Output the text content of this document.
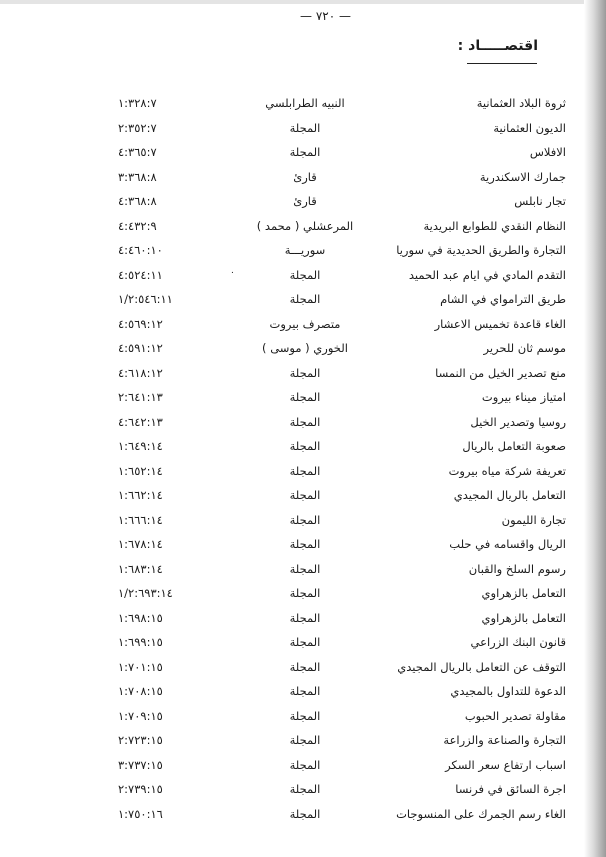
— ٧٢٠ —
اقتصـــــاد :
ثروة البلاد العثمانية
النبيه الطرابلسي
١:٣٢٨:٧
الديون العثمانية
المجلة
٢:٣٥٢:٧
الافلاس
المجلة
٤:٣٦٥:٧
جمارك الاسكندرية
قارئ
٣:٣٦٨:٨
تجار نابلس
قارئ
٤:٣٦٨:٨
النظام النقدي للطوابع البريدية
المرعشلي ( محمد )
٤:٤٣٢:٩
التجارة والطريق الحديدية في سوريا
سوريـــة
٤:٤٦٠:١٠
التقدم المادي في ايام عبد الحميد
المجلة
٤:٥٢٤:١١	٠
طريق الترامواي في الشام
المجلة
١/٢:٥٤٦:١١
الغاء قاعدة تخميس الاعشار
متصرف بيروت
٤:٥٦٩:١٢
موسم ثان للحرير
الخوري ( موسى )
٤:٥٩١:١٢
منع تصدير الخيل من النمسا
المجلة
٤:٦١٨:١٢
امتياز ميناء بيروت
المجلة
٢:٦٤١:١٣
روسيا وتصدير الخيل
المجلة
٤:٦٤٢:١٣
صعوبة التعامل بالريال
المجلة
١:٦٤٩:١٤
تعريفة شركة مياه بيروت
المجلة
١:٦٥٢:١٤
التعامل بالريال المجيدي
المجلة
١:٦٦٢:١٤
تجارة الليمون
المجلة
١:٦٦٦:١٤
الريال واقسامه في حلب
المجلة
١:٦٧٨:١٤
رسوم السلخ والقبان
المجلة
١:٦٨٣:١٤
التعامل بالزهراوي
المجلة
١/٢:٦٩٣:١٤
التعامل بالزهراوي
المجلة
١:٦٩٨:١٥
قانون البنك الزراعي
المجلة
١:٦٩٩:١٥
التوقف عن التعامل بالريال المجيدي
المجلة
١:٧٠١:١٥
الدعوة للتداول بالمجيدي
المجلة
١:٧٠٨:١٥
مقاولة تصدير الحبوب
المجلة
١:٧٠٩:١٥
التجارة والصناعة والزراعة
المجلة
٢:٧٢٣:١٥
اسباب ارتفاع سعر السكر
المجلة
٣:٧٣٧:١٥
اجرة السائق في فرنسا
المجلة
٢:٧٣٩:١٥
الغاء رسم الجمرك على المنسوجات
المجلة
١:٧٥٠:١٦
